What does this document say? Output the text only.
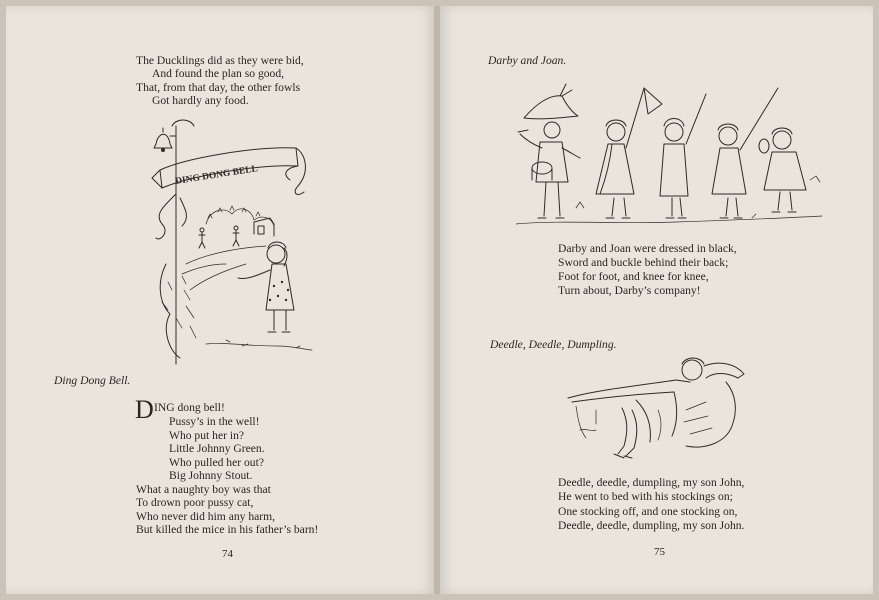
The Ducklings did as they were bid,
And found the plan so good,
That, from that day, the other fowls
Got hardly any food.
DING DONG BELL
Ding Dong Bell.
D ING dong bell!
Pussy’s in the well!
Who put her in?
Little Johnny Green.
Who pulled her out?
Big Johnny Stout.
What a naughty boy was that
To drown poor pussy cat,
Who never did him any harm,
But killed the mice in his father’s barn!
74
Darby and Joan.
Darby and Joan were dressed in black,
Sword and buckle behind their back;
Foot for foot, and knee for knee,
Turn about, Darby’s company!
Deedle, Deedle, Dumpling.
Deedle, deedle, dumpling, my son John,
He went to bed with his stockings on;
One stocking off, and one stocking on,
Deedle, deedle, dumpling, my son John.
75
